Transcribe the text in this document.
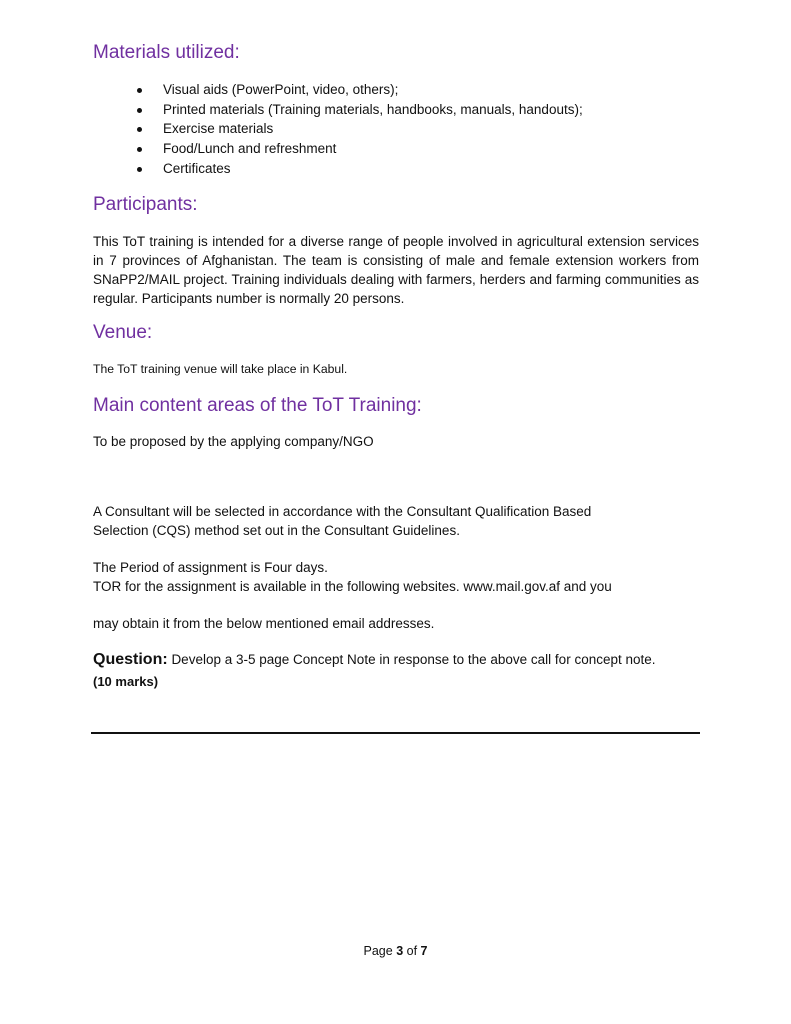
Materials utilized:
Visual aids (PowerPoint, video, others);
Printed materials (Training materials, handbooks, manuals, handouts);
Exercise materials
Food/Lunch and refreshment
Certificates
Participants:

This ToT training is intended for a diverse range of people involved in agricultural extension services in 7 provinces of Afghanistan. The team is consisting of male and female extension workers from SNaPP2/MAIL project. Training individuals dealing with farmers, herders and farming communities as regular. Participants number is normally 20 persons.

Venue:

The ToT training venue will take place in Kabul.

Main content areas of the ToT Training:

To be proposed by the applying company/NGO

A Consultant will be selected in accordance with the Consultant Qualification Based
Selection (CQS) method set out in the Consultant Guidelines.

The Period of assignment is Four days.
TOR for the assignment is available in the following websites. www.mail.gov.af and you

may obtain it from the below mentioned email addresses.

Question: Develop a 3-5 page Concept Note in response to the above call for concept note.
(10 marks)
Page 3 of 7
